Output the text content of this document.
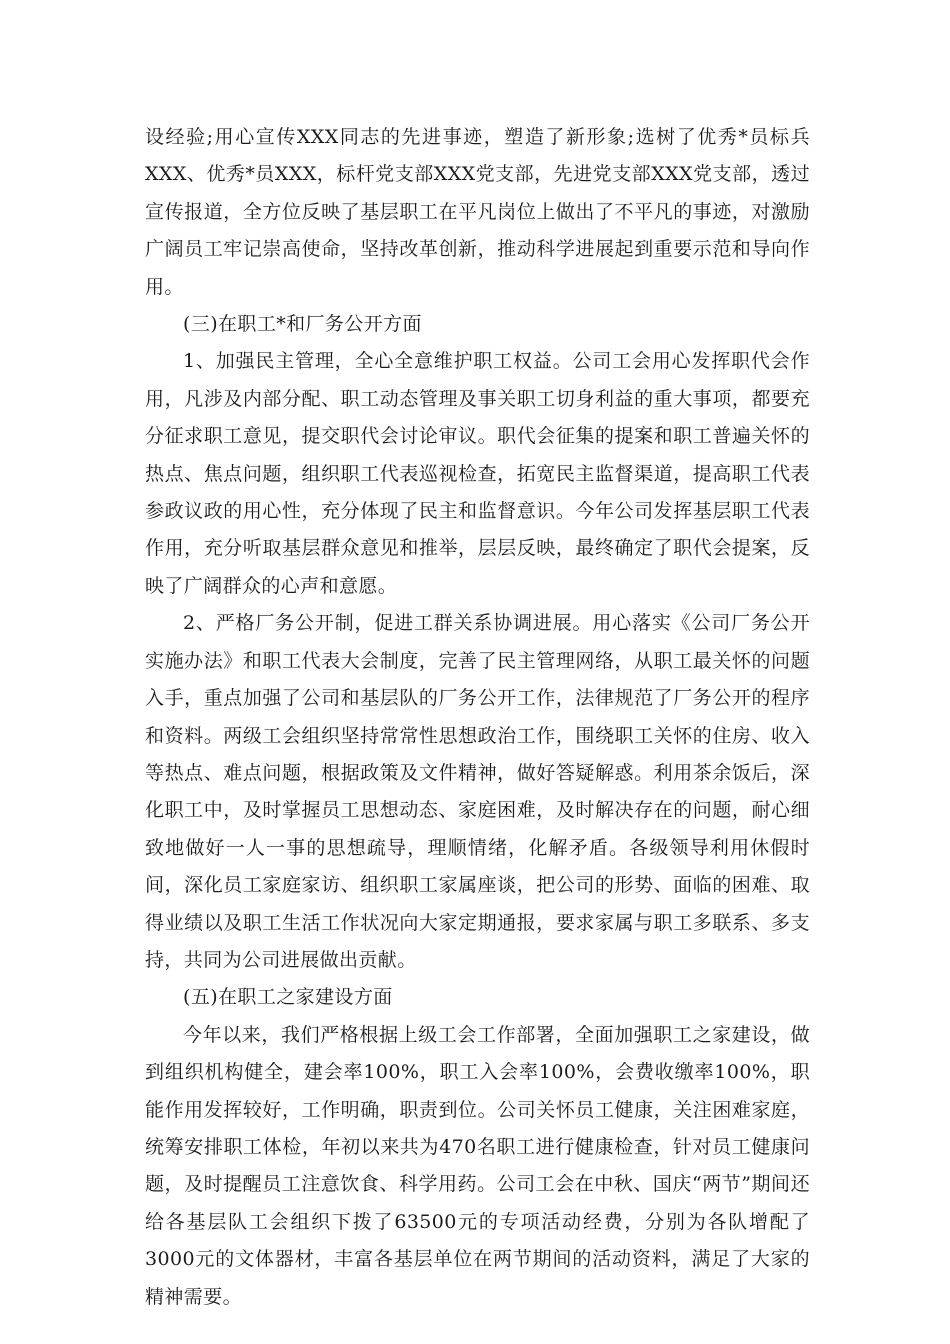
设经验;用心宣传XXX同志的先进事迹，塑造了新形象;选树了优秀*员标兵XXX、优秀*员XXX，标杆党支部XXX党支部，先进党支部XXX党支部，透过宣传报道，全方位反映了基层职工在平凡岗位上做出了不平凡的事迹，对激励广阔员工牢记崇高使命，坚持改革创新，推动科学进展起到重要示范和导向作用。

(三)在职工*和厂务公开方面

1、加强民主管理，全心全意维护职工权益。公司工会用心发挥职代会作用，凡涉及内部分配、职工动态管理及事关职工切身利益的重大事项，都要充分征求职工意见，提交职代会讨论审议。职代会征集的提案和职工普遍关怀的热点、焦点问题，组织职工代表巡视检查，拓宽民主监督渠道，提高职工代表参政议政的用心性，充分体现了民主和监督意识。今年公司发挥基层职工代表作用，充分听取基层群众意见和推举，层层反映，最终确定了职代会提案，反映了广阔群众的心声和意愿。

2、严格厂务公开制，促进工群关系协调进展。用心落实《公司厂务公开实施办法》和职工代表大会制度，完善了民主管理网络，从职工最关怀的问题入手，重点加强了公司和基层队的厂务公开工作，法律规范了厂务公开的程序和资料。两级工会组织坚持常常性思想政治工作，围绕职工关怀的住房、收入等热点、难点问题，根据政策及文件精神，做好答疑解惑。利用茶余饭后，深化职工中，及时掌握员工思想动态、家庭困难，及时解决存在的问题，耐心细致地做好一人一事的思想疏导，理顺情绪，化解矛盾。各级领导利用休假时间，深化员工家庭家访、组织职工家属座谈，把公司的形势、面临的困难、取得业绩以及职工生活工作状况向大家定期通报，要求家属与职工多联系、多支持，共同为公司进展做出贡献。

(五)在职工之家建设方面

今年以来，我们严格根据上级工会工作部署，全面加强职工之家建设，做到组织机构健全，建会率100%，职工入会率100%，会费收缴率100%，职能作用发挥较好，工作明确，职责到位。公司关怀员工健康，关注困难家庭，统筹安排职工体检，年初以来共为470名职工进行健康检查，针对员工健康问题，及时提醒员工注意饮食、科学用药。公司工会在中秋、国庆“两节”期间还给各基层队工会组织下拨了63500元的专项活动经费，分别为各队增配了3000元的文体器材，丰富各基层单位在两节期间的活动资料，满足了大家的精神需要。
